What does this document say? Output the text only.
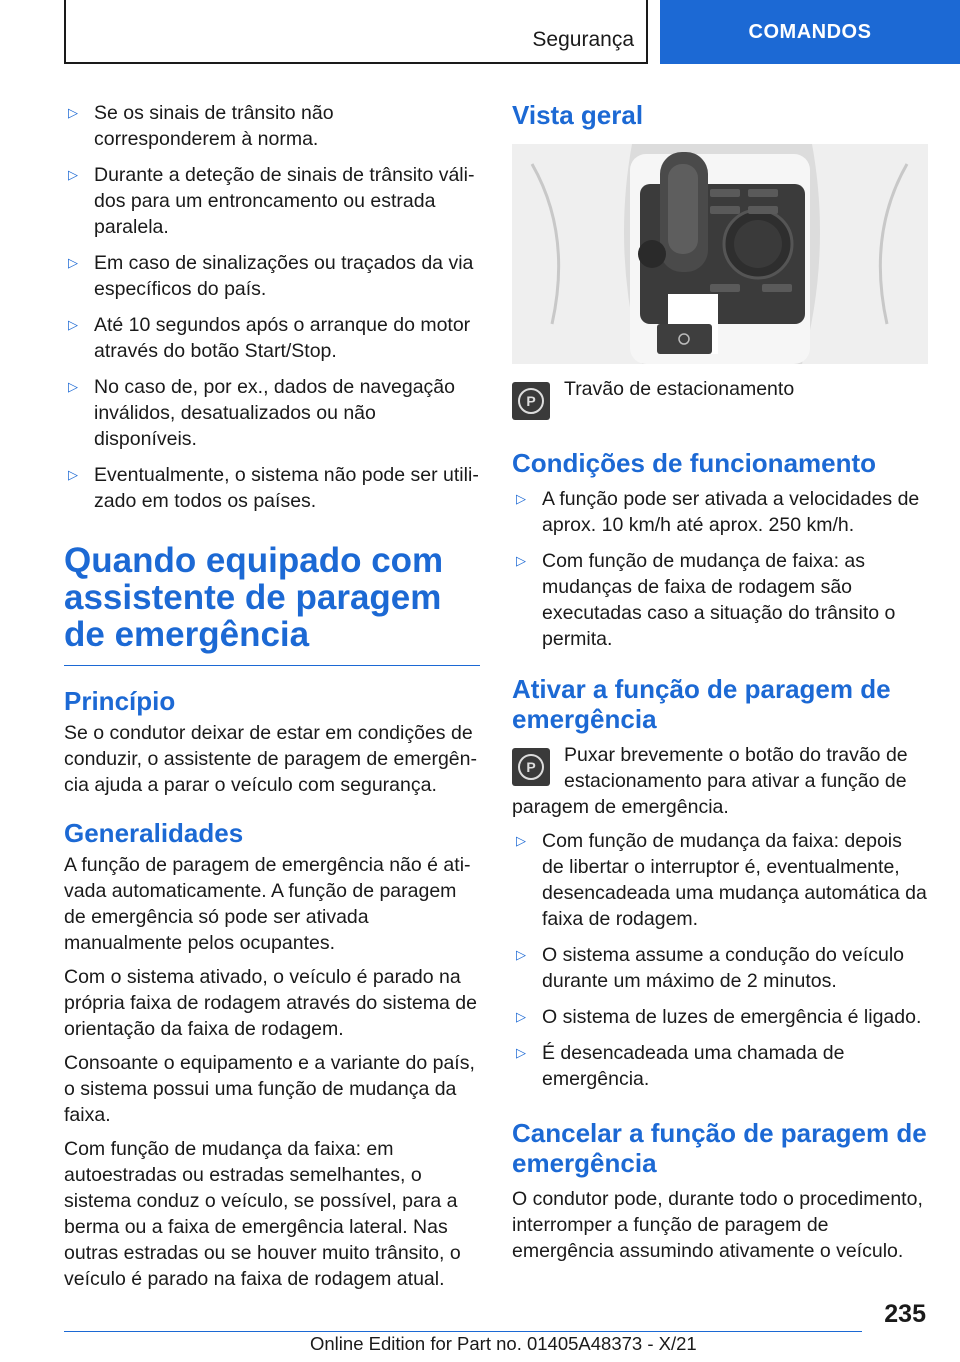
Segurança	COMANDOS
▷ Se os sinais de trânsito não corresponderem à norma.
▷ Durante a deteção de sinais de trânsito válidos para um entroncamento ou estrada paralela.
▷ Em caso de sinalizações ou traçados da via específicos do país.
▷ Até 10 segundos após o arranque do motor através do botão Start/Stop.
▷ No caso de, por ex., dados de navegação inválidos, desatualizados ou não disponíveis.
▷ Eventualmente, o sistema não pode ser utilizado em todos os países.
Quando equipado com assistente de paragem de emergência
Princípio

Se o condutor deixar de estar em condições de conduzir, o assistente de paragem de emergência ajuda a parar o veículo com segurança.

Generalidades

A função de paragem de emergência não é ativada automaticamente. A função de paragem de emergência só pode ser ativada manualmente pelos ocupantes.

Com o sistema ativado, o veículo é parado na própria faixa de rodagem através do sistema de orientação da faixa de rodagem.

Consoante o equipamento e a variante do país, o sistema possui uma função de mudança da faixa.

Com função de mudança da faixa: em autoestradas ou estradas semelhantes, o sistema conduz o veículo, se possível, para a berma ou a faixa de emergência lateral. Nas outras estradas ou se houver muito trânsito, o veículo é parado na faixa de rodagem atual.

Vista geral
P

Travão de estacionamento

Condições de funcionamento
▷ A função pode ser ativada a velocidades de aprox. 10 km/h até aprox. 250 km/h.
▷ Com função de mudança de faixa: as mudanças de faixa de rodagem são executadas caso a situação do trânsito o permita.
Ativar a função de paragem de emergência
P

Puxar brevemente o botão do travão de estacionamento para ativar a função de paragem de emergência.

▷ Com função de mudança da faixa: depois de libertar o interruptor é, eventualmente, desencadeada uma mudança automática da faixa de rodagem.
▷ O sistema assume a condução do veículo durante um máximo de 2 minutos.
▷ O sistema de luzes de emergência é ligado.
▷ É desencadeada uma chamada de emergência.
Cancelar a função de paragem de emergência

O condutor pode, durante todo o procedimento, interromper a função de paragem de emergência assumindo ativamente o veículo.

235
Online Edition for Part no. 01405A48373 - X/21
